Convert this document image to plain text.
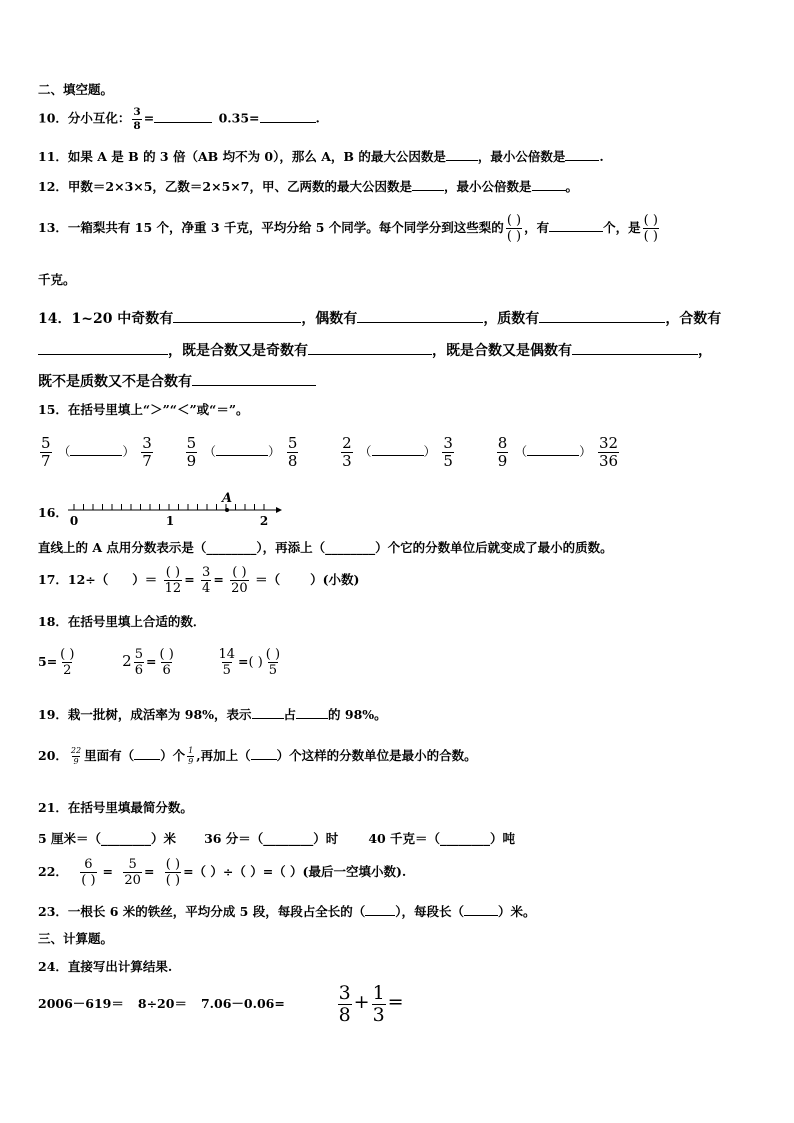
二、填空题。
10．分小互化： $\frac{3}{8}$ =	0.35=	.
11．如果 A 是 B 的 3 倍（AB 均不为 0），那么 A，B 的最大公因数是	，最小公倍数是	.
12．甲数＝2×3×5，乙数＝2×5×7，甲、乙两数的最大公因数是	，最小公倍数是	。
13．一箱梨共有 15 个，净重 3 千克，平均分给 5 个同学。每个同学分到这些梨的 $\frac{( )}{( )}$ ，有	个，是 $\frac{( )}{( )}$
千克。
14．1~20 中奇数有	，偶数有	，质数有	，合数有
，既是合数又是奇数有	，既是合数又是偶数有	，
既不是质数又不是合数有
15．在括号里填上“＞”“＜”或“＝”。
$\frac{5}{7}$ （	） $\frac{3}{7}$
$\frac{5}{9}$ （	） $\frac{5}{8}$
	$\frac{2}{3}$ （	） $\frac{3}{5}$
	$\frac{8}{9}$ （	） $\frac{32}{36}$
16．
A
0	1	2
直线上的 A 点用分数表示是（________），再添上（________）个它的分数单位后就变成了最小的质数。
17．12÷（ ）＝ $\frac{( )}{12} = \frac{3}{4} = \frac{( )}{20}$ ＝（ ）(小数)
18．在括号里填上合适的数．
$5= \frac{( )}{2}$	$2 \frac{5}{6} = \frac{( )}{6}$
	$\frac{14}{5}$ =( ) $\frac{( )}{5}$
19．栽一批树，成活率为 98%，表示	占	的 98%。
20． $\frac{22}{9}$ 里面有（ ）个 $\frac{1}{9}$ ,再加上（ ）个这样的分数单位是最小的合数。
21．在括号里填最简分数。
5 厘米＝（________）米 36 分＝（________）时 40 千克＝（________）吨
22． $\frac{6}{( )} = \frac{5}{20} = \frac{( )}{( )}$ =（ ）÷（ ）=（ ）(最后一空填小数).
23．一根长 6 米的铁丝，平均分成 5 段，每段占全长的（ ），每段长（	）米。
三、计算题。
24．直接写出计算结果.
2006－619＝ 8÷20＝ 7.06－0.06=	$\frac{3}{8} + \frac{1}{3}$ =
